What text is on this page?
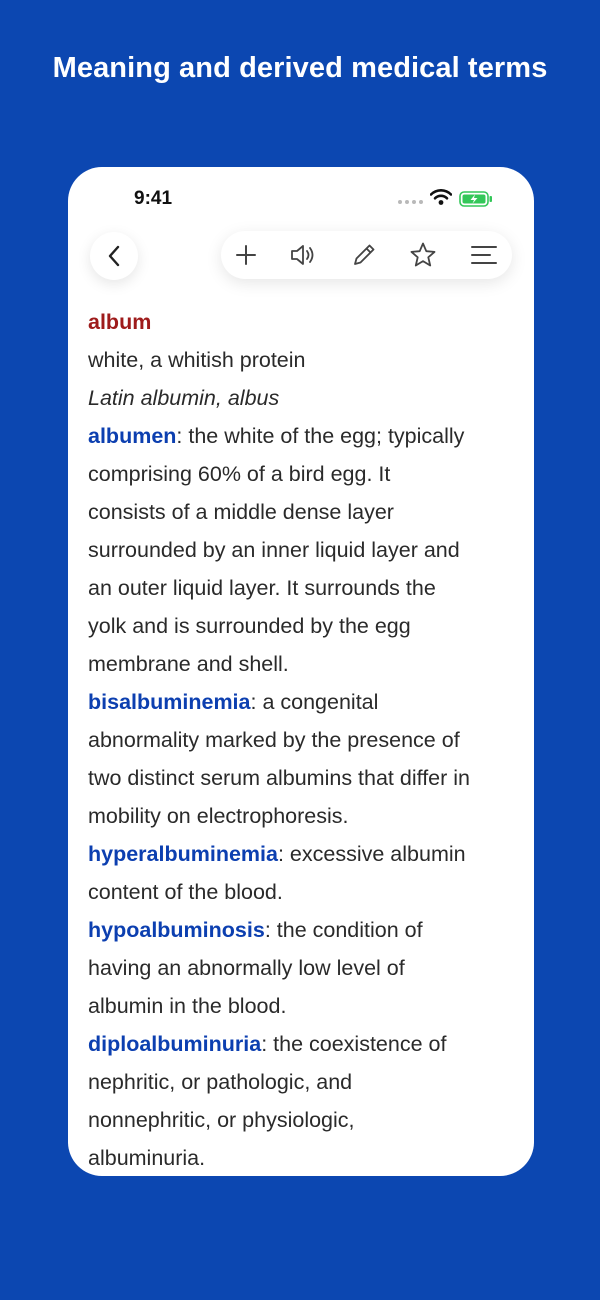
Meaning and derived medical terms
9:41
album
white, a whitish protein
Latin albumin, albus
albumen: the white of the egg; typically
comprising 60% of a bird egg. It
consists of a middle dense layer
surrounded by an inner liquid layer and
an outer liquid layer. It surrounds the
yolk and is surrounded by the egg
membrane and shell.
bisalbuminemia: a congenital
abnormality marked by the presence of
two distinct serum albumins that differ in
mobility on electrophoresis.
hyperalbuminemia: excessive albumin
content of the blood.
hypoalbuminosis: the condition of
having an abnormally low level of
albumin in the blood.
diploalbuminuria: the coexistence of
nephritic, or pathologic, and
nonnephritic, or physiologic,
albuminuria.
